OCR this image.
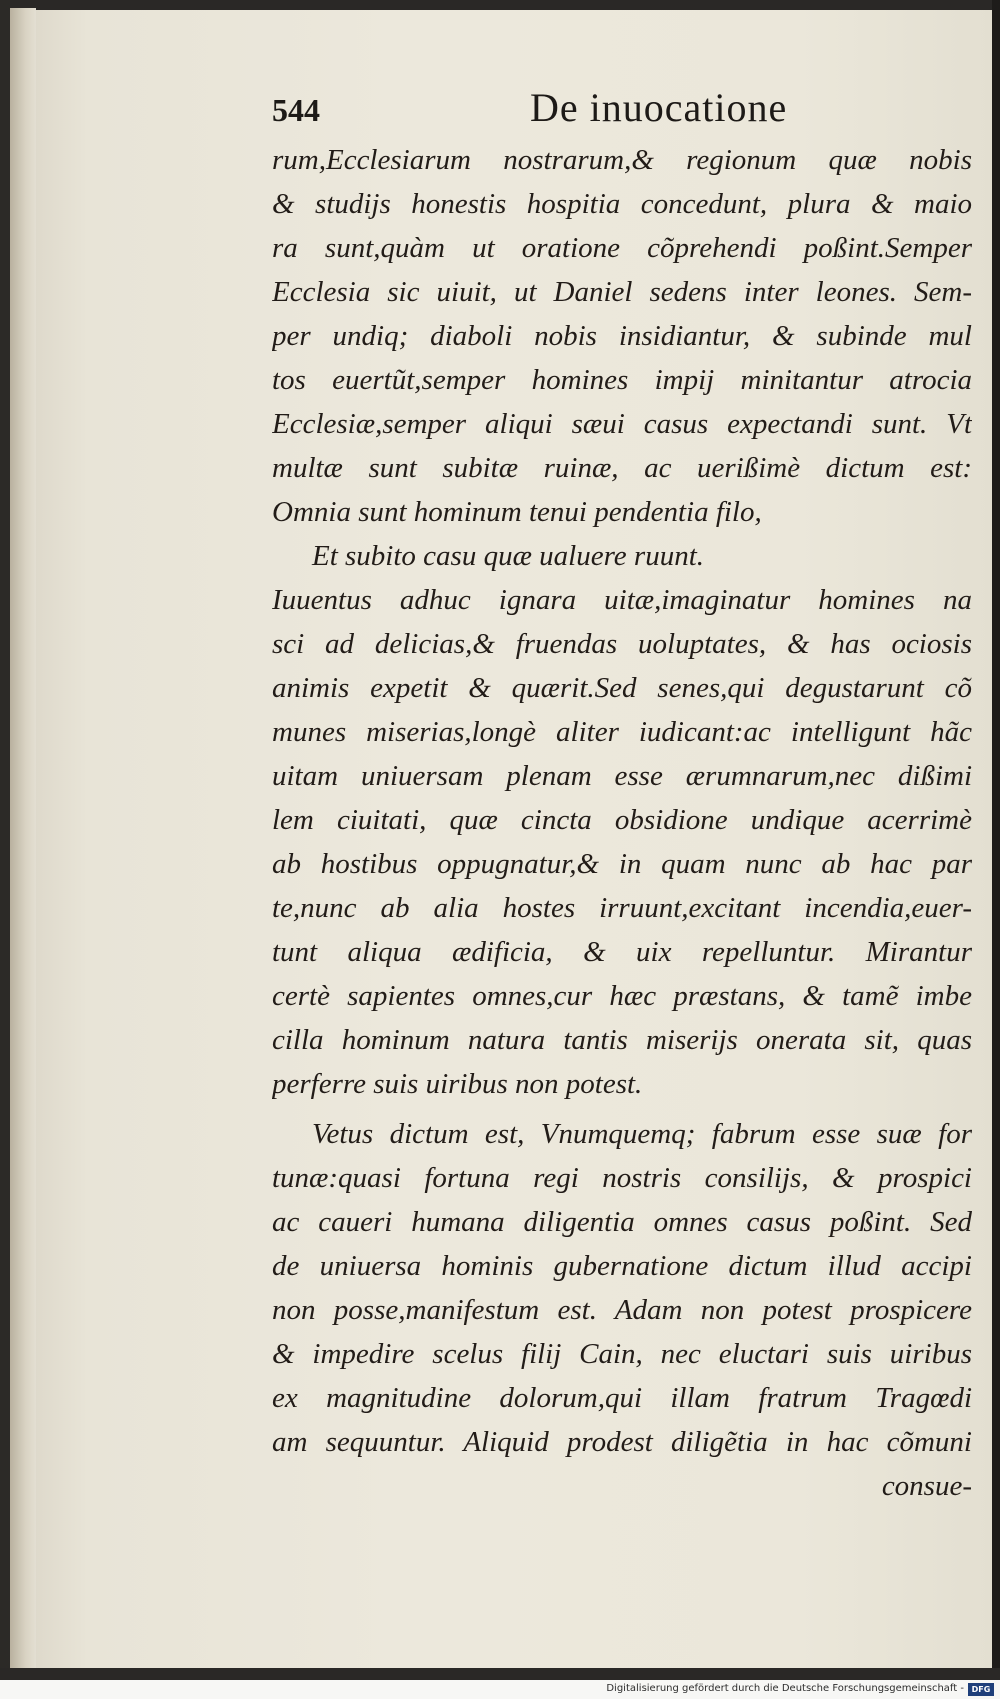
544	De inuocatione
rum,Ecclesiarum nostrarum,& regionum quæ nobis
& studijs honestis hospitia concedunt, plura & maio
ra sunt,quàm ut oratione cõprehendi poßint.Semper
Ecclesia sic uiuit, ut Daniel sedens inter leones. Sem-
per undiq; diaboli nobis insidiantur, & subinde mul
tos euertũt,semper homines impij minitantur atrocia
Ecclesiæ,semper aliqui sæui casus expectandi sunt. Vt
multæ sunt subitæ ruinæ, ac uerißimè dictum est:
Omnia sunt hominum tenui pendentia filo,
Et subito casu quæ ualuere ruunt.
Iuuentus adhuc ignara uitæ,imaginatur homines na
sci ad delicias,& fruendas uoluptates, & has ociosis
animis expetit & quærit.Sed senes,qui degustarunt cõ
munes miserias,longè aliter iudicant:ac intelligunt hãc
uitam uniuersam plenam esse ærumnarum,nec dißimi
lem ciuitati, quæ cincta obsidione undique acerrimè
ab hostibus oppugnatur,& in quam nunc ab hac par
te,nunc ab alia hostes irruunt,excitant incendia,euer-
tunt aliqua ædificia, & uix repelluntur. Mirantur
certè sapientes omnes,cur hæc præstans, & tamẽ imbe
cilla hominum natura tantis miserijs onerata sit, quas
perferre suis uiribus non potest.
Vetus dictum est, Vnumquemq; fabrum esse suæ for
tunæ:quasi fortuna regi nostris consilijs, & prospici
ac caueri humana diligentia omnes casus poßint. Sed
de uniuersa hominis gubernatione dictum illud accipi
non posse,manifestum est. Adam non potest prospicere
& impedire scelus filij Cain, nec eluctari suis uiribus
ex magnitudine dolorum,qui illam fratrum Tragœdi
am sequuntur. Aliquid prodest diligẽtia in hac cõmuni
consue-
Digitalisierung gefördert durch die Deutsche Forschungsgemeinschaft - DFG
